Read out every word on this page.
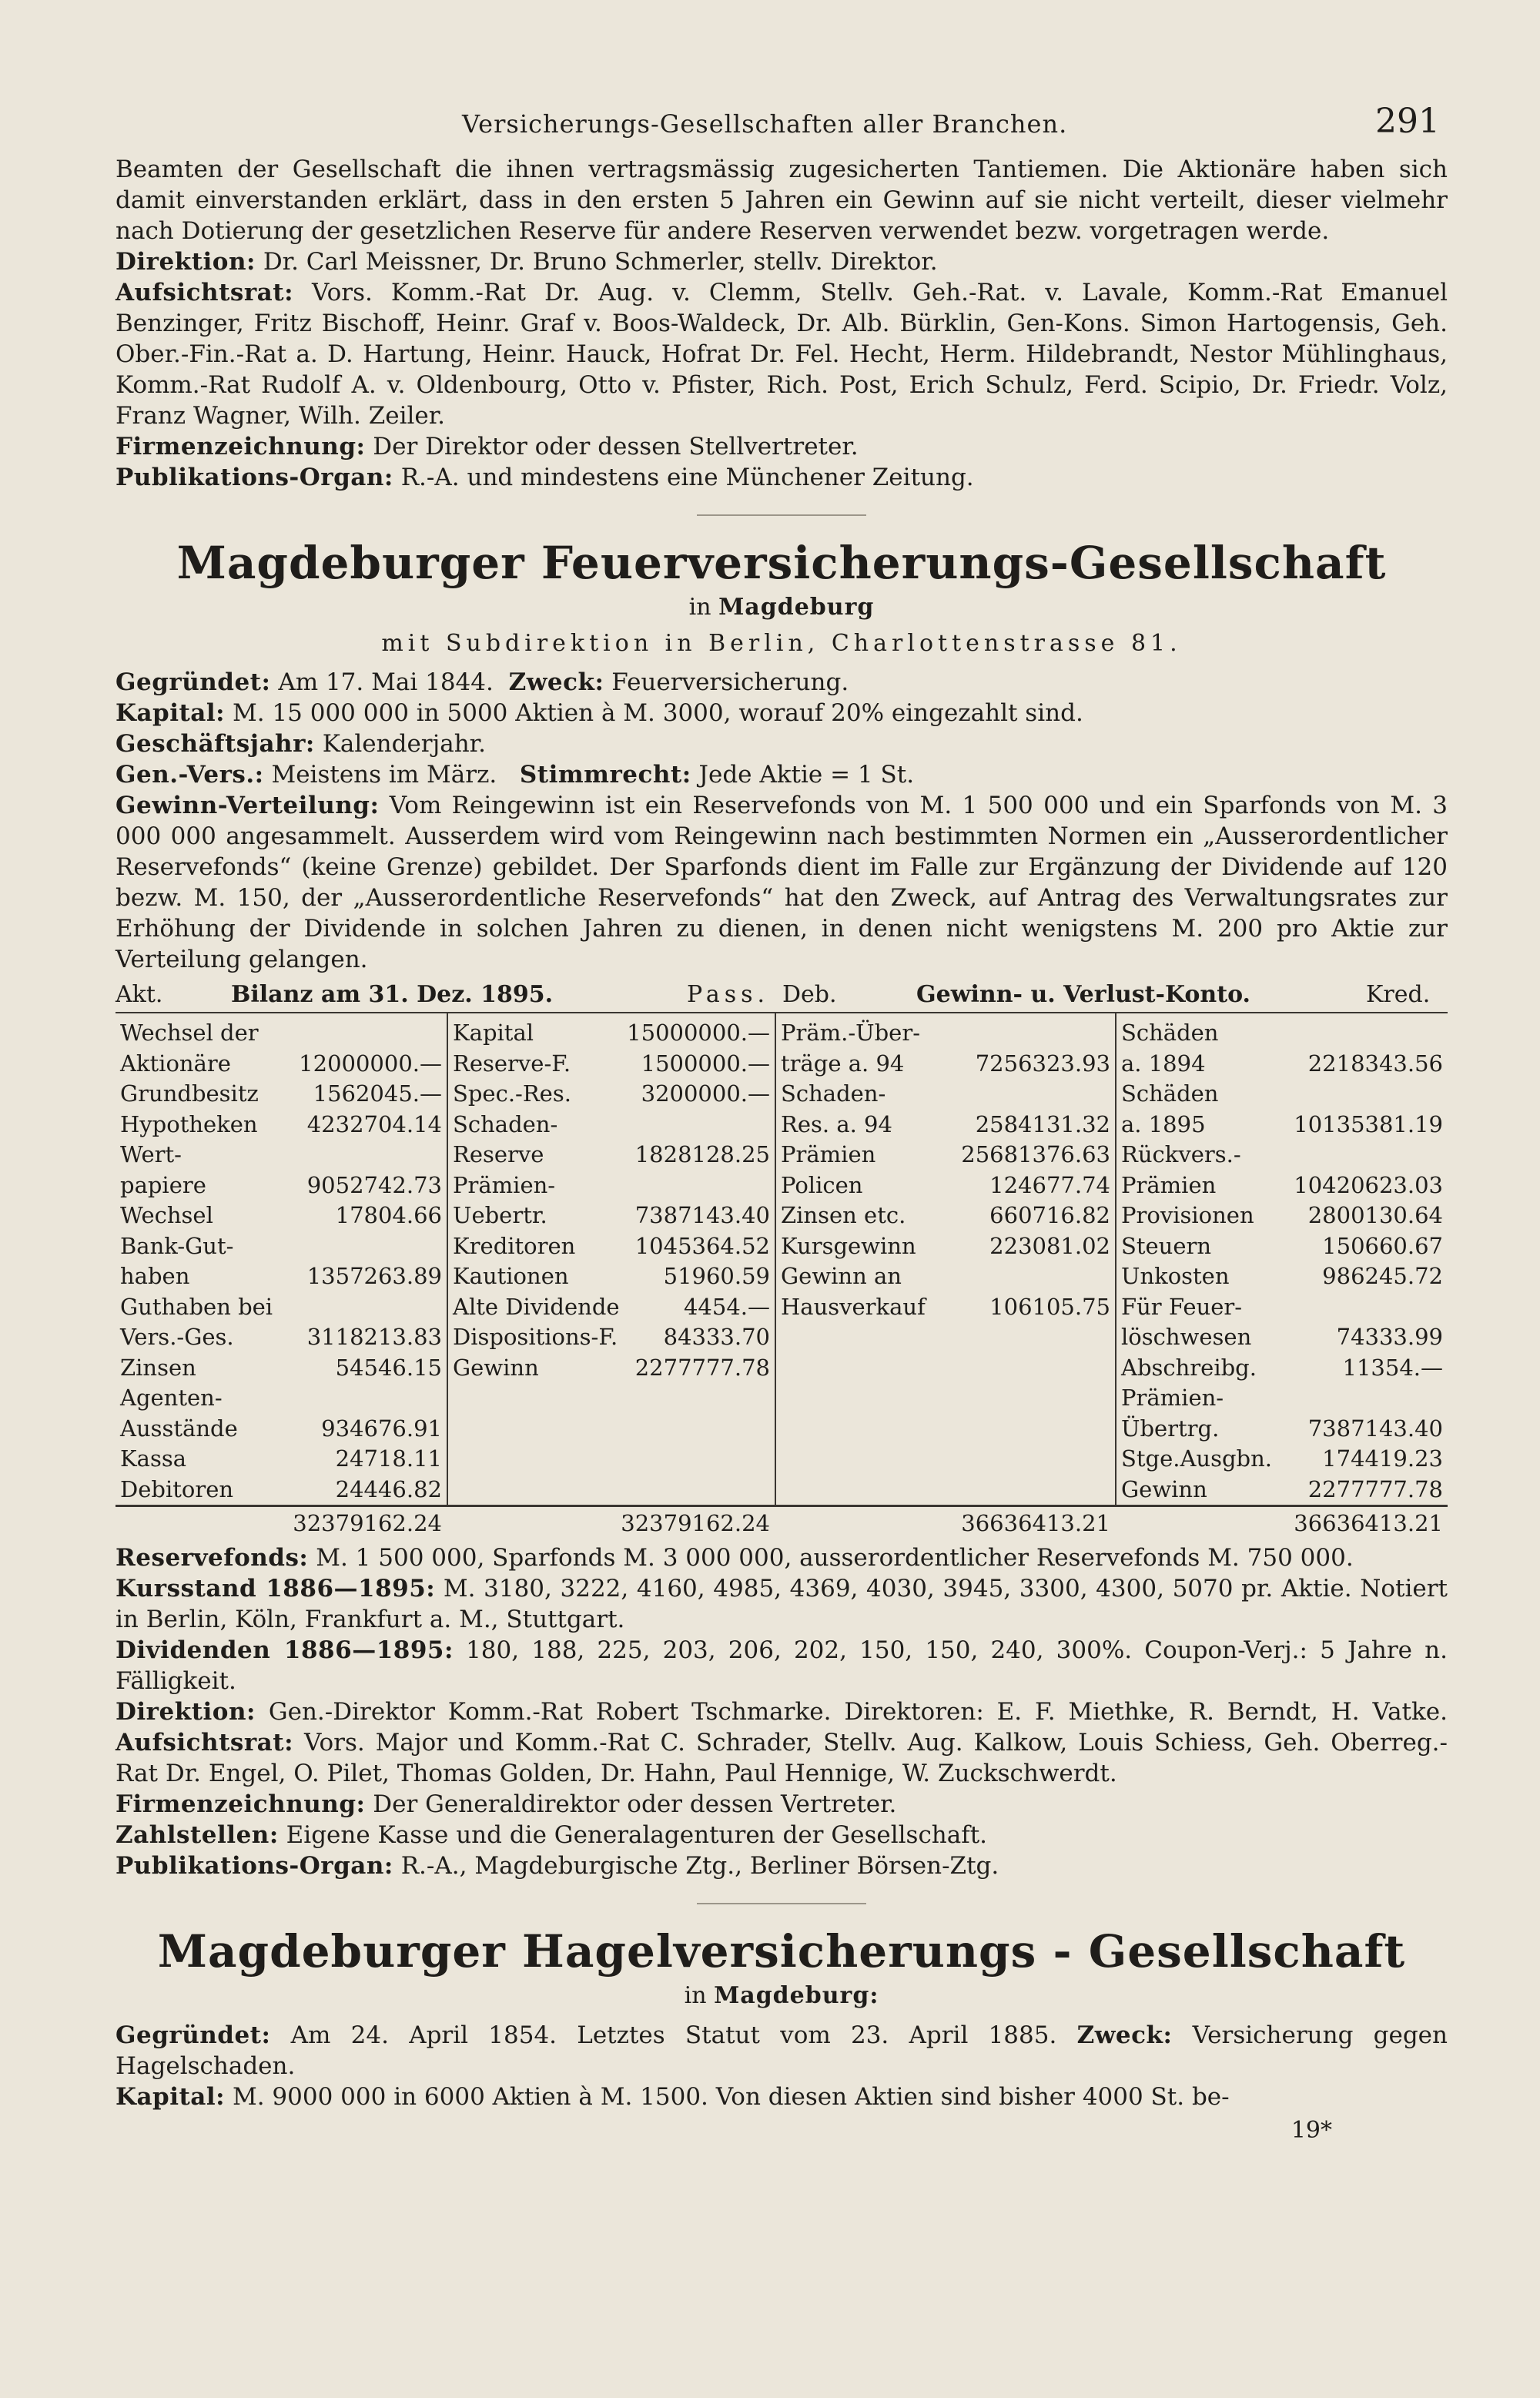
Versicherungs-Gesellschaften aller Branchen.	291

Beamten der Gesellschaft die ihnen vertragsmässig zugesicherten Tantiemen. Die Aktionäre haben sich damit einverstanden erklärt, dass in den ersten 5 Jahren ein Gewinn auf sie nicht verteilt, dieser vielmehr nach Dotierung der gesetzlichen Reserve für andere Reserven verwendet bezw. vorgetragen werde.

Direktion: Dr. Carl Meissner, Dr. Bruno Schmerler, stellv. Direktor.

Aufsichtsrat: Vors. Komm.-Rat Dr. Aug. v. Clemm, Stellv. Geh.-Rat. v. Lavale, Komm.-Rat Emanuel Benzinger, Fritz Bischoff, Heinr. Graf v. Boos-Waldeck, Dr. Alb. Bürklin, Gen-Kons. Simon Hartogensis, Geh. Ober.-Fin.-Rat a. D. Hartung, Heinr. Hauck, Hofrat Dr. Fel. Hecht, Herm. Hildebrandt, Nestor Mühlinghaus, Komm.-Rat Rudolf A. v. Oldenbourg, Otto v. Pfister, Rich. Post, Erich Schulz, Ferd. Scipio, Dr. Friedr. Volz, Franz Wagner, Wilh. Zeiler.

Firmenzeichnung: Der Direktor oder dessen Stellvertreter.

Publikations-Organ: R.-A. und mindestens eine Münchener Zeitung.

Magdeburger Feuerversicherungs-Gesellschaft

in Magdeburg

mit Subdirektion in Berlin, Charlottenstrasse 81.

Gegründet: Am 17. Mai 1844. Zweck: Feuerversicherung.

Kapital: M. 15 000 000 in 5000 Aktien à M. 3000, worauf 20% eingezahlt sind.

Geschäftsjahr: Kalenderjahr.

Gen.-Vers.: Meistens im März. Stimmrecht: Jede Aktie = 1 St.

Gewinn-Verteilung: Vom Reingewinn ist ein Reservefonds von M. 1 500 000 und ein Sparfonds von M. 3 000 000 angesammelt. Ausserdem wird vom Reingewinn nach bestimmten Normen ein „Ausserordentlicher Reservefonds“ (keine Grenze) gebildet. Der Sparfonds dient im Falle zur Ergänzung der Dividende auf 120 bezw. M. 150, der „Ausserordentliche Reservefonds“ hat den Zweck, auf Antrag des Verwaltungsrates zur Erhöhung der Dividende in solchen Jahren zu dienen, in denen nicht wenigstens M. 200 pro Aktie zur Verteilung gelangen.

Akt.	Bilanz am 31. Dez. 1895.	Pass. Deb.	Gewinn- u. Verlust-Konto.	Kred.
Wechsel der
Aktionäre	12000000.—
Grundbesitz 1562045.—
Hypotheken 4232704.14
Wert-
papiere	9052742.73
Wechsel	17804.66
Bank-Gut-
haben	1357263.89
Guthaben bei
Vers.-Ges.	3118213.83
Zinsen	54546.15
Agenten-
Ausstände	934676.91
Kassa	24718.11
Debitoren	24446.82
Kapital	15000000.—
Reserve-F.	1500000.—
Spec.-Res.	3200000.—
Schaden-
Reserve	1828128.25
Prämien-
Uebertr.	7387143.40
Kreditoren	1045364.52
Kautionen	51960.59
Alte Dividende	4454.—
Dispositions-F. 84333.70
Gewinn	2277777.78
Präm.-Über-
träge a. 94	7256323.93
Schaden-
Res. a. 94	2584131.32
Prämien	25681376.63
Policen	124677.74
Zinsen etc.	660716.82
Kursgewinn	223081.02
Gewinn an
Hausverkauf	106105.75
Schäden
a. 1894	2218343.56
Schäden
a. 1895	10135381.19
Rückvers.-
Prämien	10420623.03
Provisionen 2800130.64
Steuern	150660.67
Unkosten	986245.72
Für Feuer-
löschwesen	74333.99
Abschreibg.	11354.—
Prämien-
Übertrg.	7387143.40
Stge.Ausgbn. 174419.23
Gewinn	2277777.78
32379162.24	32379162.24	36636413.21	36636413.21

Reservefonds: M. 1 500 000, Sparfonds M. 3 000 000, ausserordentlicher Reservefonds M. 750 000.

Kursstand 1886—1895: M. 3180, 3222, 4160, 4985, 4369, 4030, 3945, 3300, 4300, 5070 pr. Aktie. Notiert in Berlin, Köln, Frankfurt a. M., Stuttgart.

Dividenden 1886—1895: 180, 188, 225, 203, 206, 202, 150, 150, 240, 300%. Coupon-Verj.: 5 Jahre n. Fälligkeit.

Direktion: Gen.-Direktor Komm.-Rat Robert Tschmarke. Direktoren: E. F. Miethke, R. Berndt, H. Vatke. Aufsichtsrat: Vors. Major und Komm.-Rat C. Schrader, Stellv. Aug. Kalkow, Louis Schiess, Geh. Oberreg.-Rat Dr. Engel, O. Pilet, Thomas Golden, Dr. Hahn, Paul Hennige, W. Zuckschwerdt.

Firmenzeichnung: Der Generaldirektor oder dessen Vertreter.

Zahlstellen: Eigene Kasse und die Generalagenturen der Gesellschaft.

Publikations-Organ: R.-A., Magdeburgische Ztg., Berliner Börsen-Ztg.

Magdeburger Hagelversicherungs - Gesellschaft

in Magdeburg:

Gegründet: Am 24. April 1854. Letztes Statut vom 23. April 1885. Zweck: Versicherung gegen Hagelschaden.

Kapital: M. 9000 000 in 6000 Aktien à M. 1500. Von diesen Aktien sind bisher 4000 St. be-

19*
